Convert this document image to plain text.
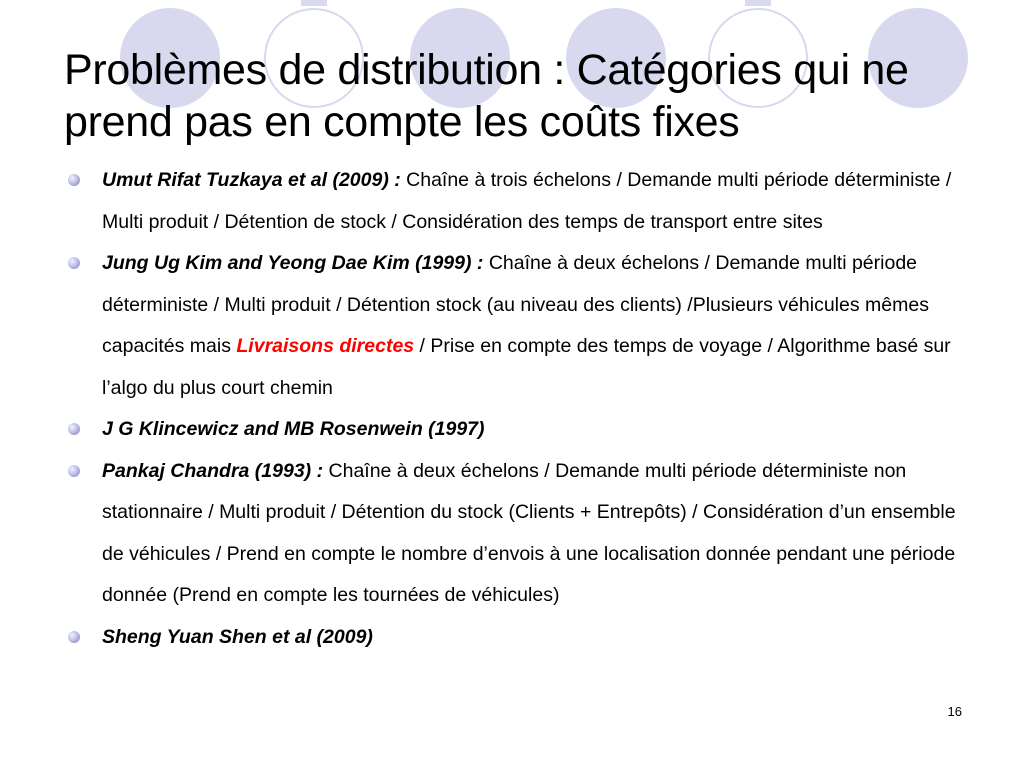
Problèmes de distribution : Catégories qui ne prend pas en compte les coûts fixes
Umut Rifat Tuzkaya et al (2009) : Chaîne à trois échelons / Demande multi période déterministe / Multi produit / Détention de stock / Considération des temps de transport entre sites
Jung Ug Kim and Yeong Dae Kim (1999) : Chaîne à deux échelons / Demande multi période déterministe / Multi produit / Détention stock (au niveau des clients) /Plusieurs véhicules mêmes capacités mais Livraisons directes / Prise en compte des temps de voyage / Algorithme basé sur l’algo du plus court chemin
J G Klincewicz and MB Rosenwein (1997)
Pankaj Chandra (1993) : Chaîne à deux échelons / Demande multi période déterministe non stationnaire / Multi produit / Détention du stock (Clients + Entrepôts) / Considération d’un ensemble de véhicules / Prend en compte le nombre d’envois à une localisation donnée pendant une période donnée (Prend en compte les tournées de véhicules)
Sheng Yuan Shen et al (2009)
16
